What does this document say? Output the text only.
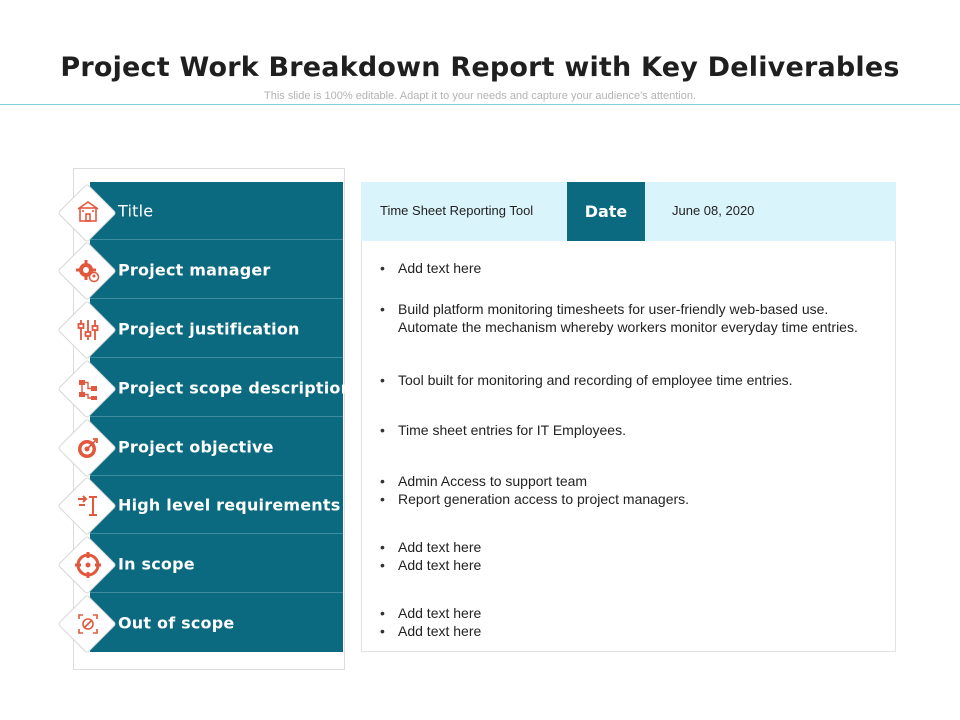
Project Work Breakdown Report with Key Deliverables
This slide is 100% editable. Adapt it to your needs and capture your audience's attention.
Title
Project manager
Project justification
Project scope description
Project objective
High level requirements
In scope
Out of scope
Time Sheet Reporting Tool	Date	June 08, 2020
• Add text here
• Build platform monitoring timesheets for user-friendly web-based use. Automate the mechanism whereby workers monitor everyday time entries.
• Tool built for monitoring and recording of employee time entries.
• Time sheet entries for IT Employees.
• Admin Access to support team
• Report generation access to project managers.
• Add text here
• Add text here
• Add text here
• Add text here
